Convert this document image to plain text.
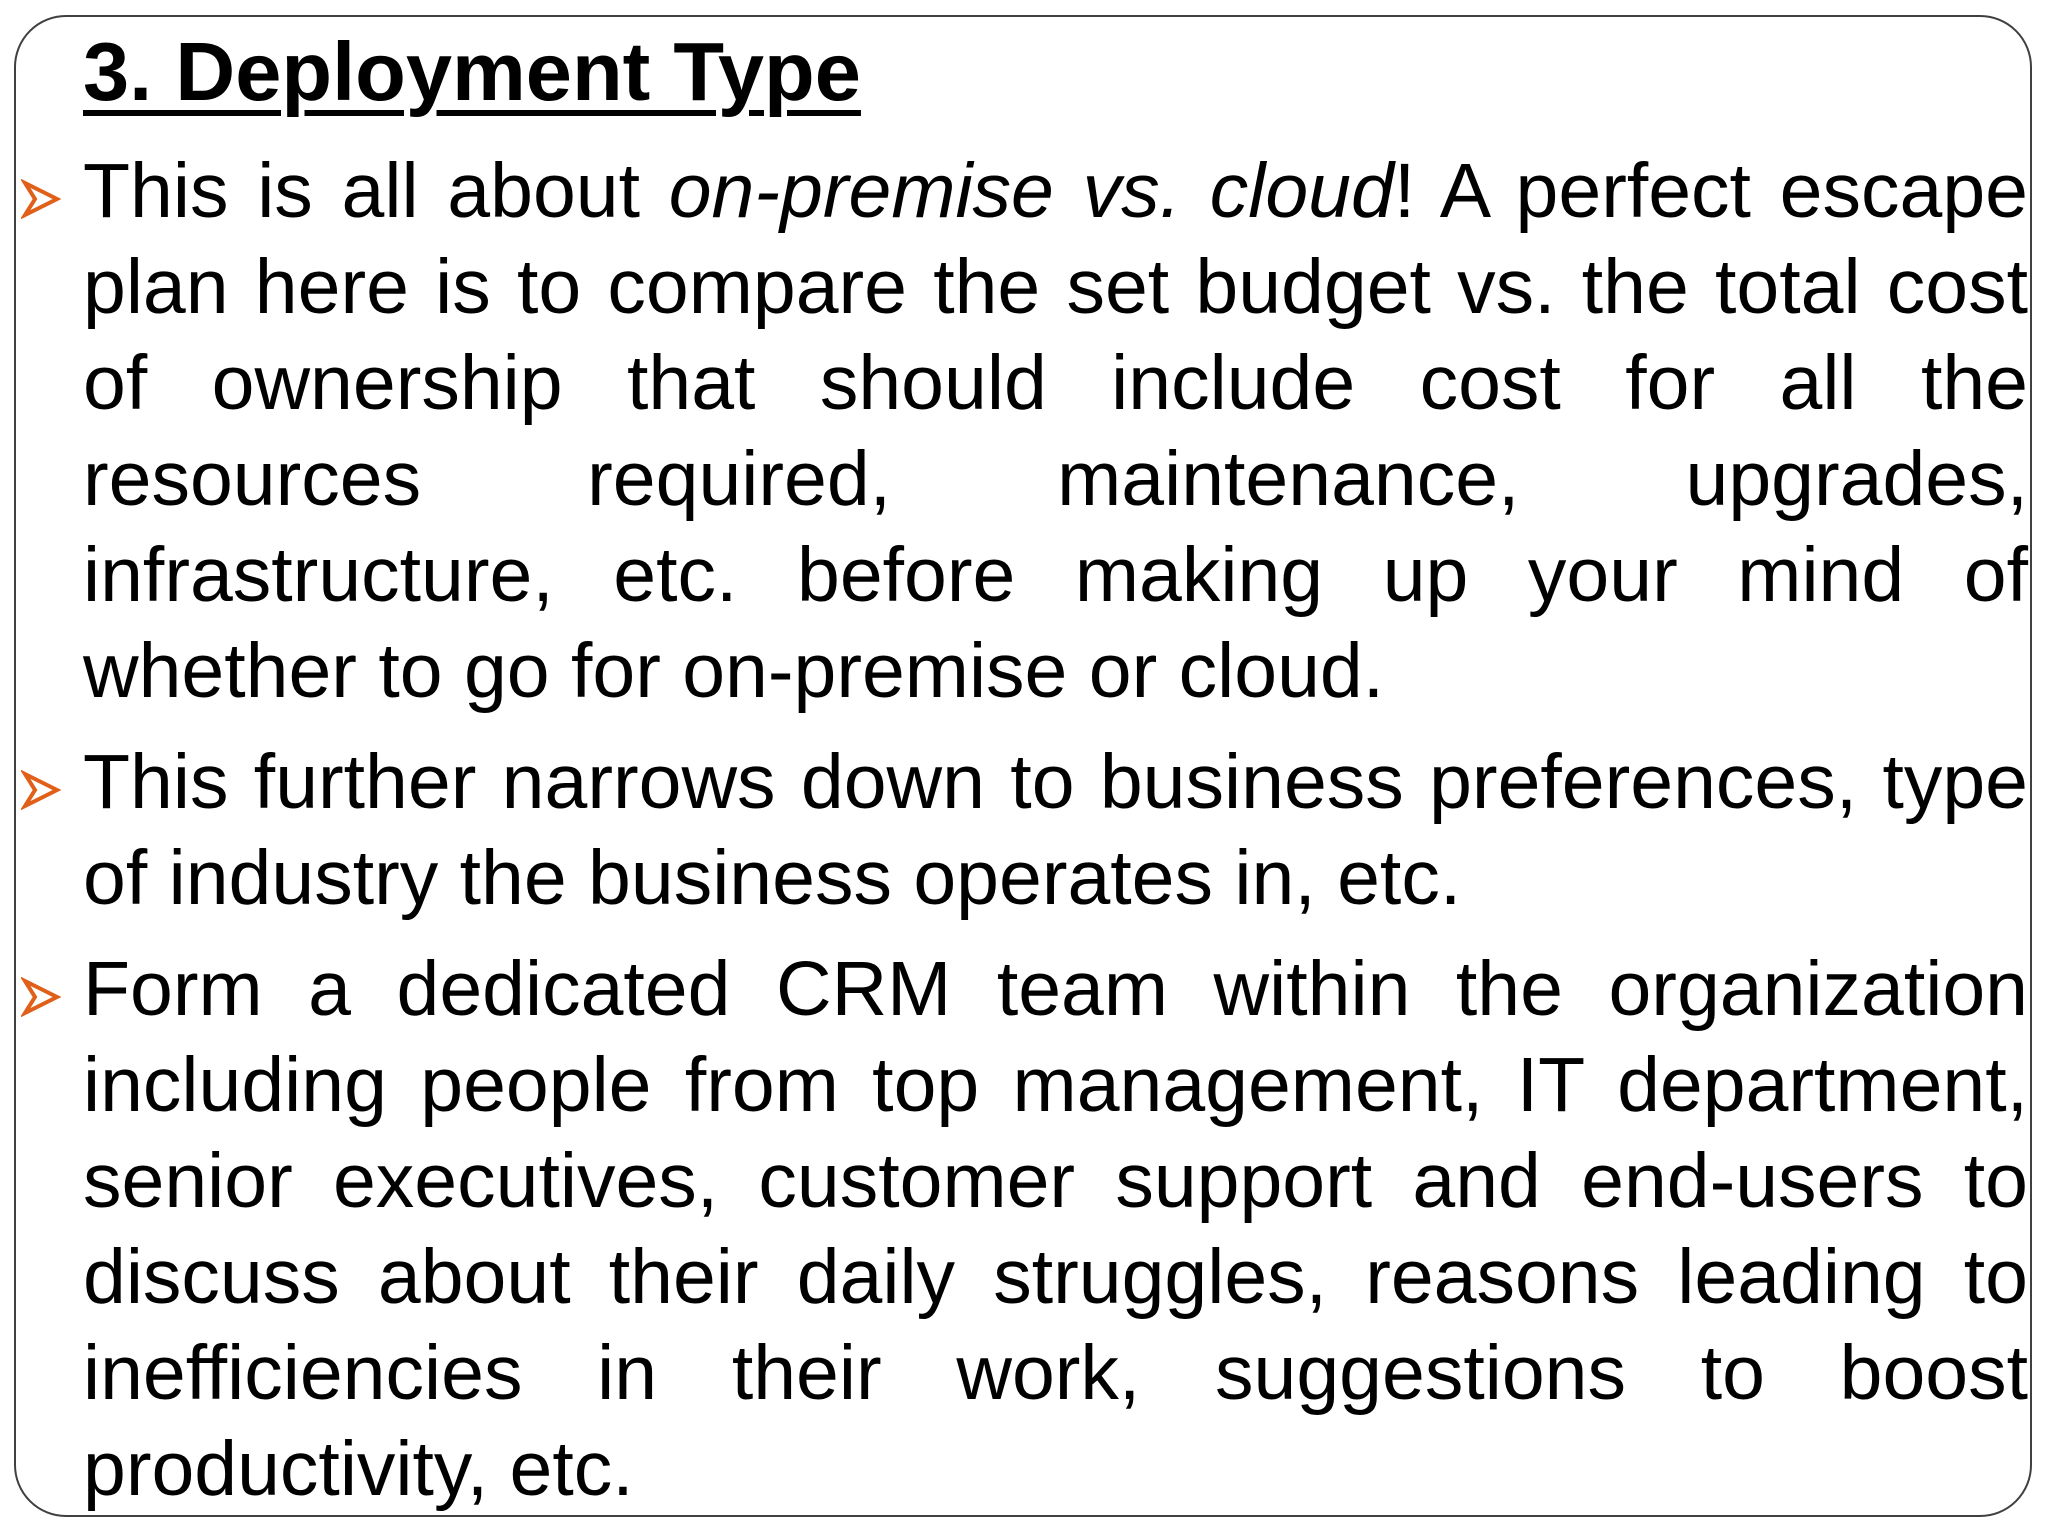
3. Deployment Type
This is all about on-premise vs. cloud! A perfect escape plan here is to compare the set budget vs. the total cost of ownership that should include cost for all the resources required, maintenance, upgrades, infrastructure, etc. before making up your mind of whether to go for on-premise or cloud.
This further narrows down to business preferences, type of industry the business operates in, etc.
Form a dedicated CRM team within the organization including people from top management, IT department, senior executives, customer support and end-users to discuss about their daily struggles, reasons leading to inefficiencies in their work, suggestions to boost productivity, etc.
